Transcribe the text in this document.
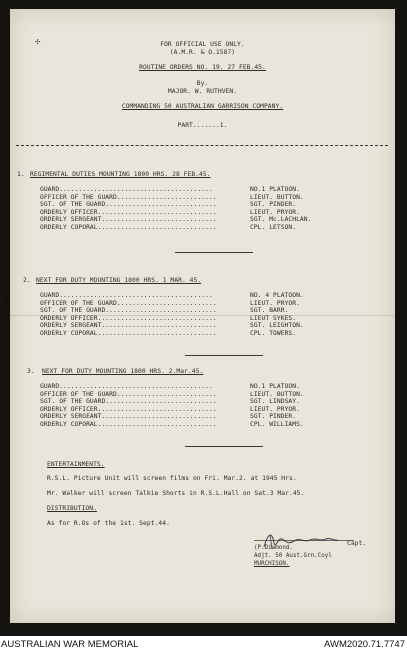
✢	FOR OFFICIAL USE ONLY.
(A.M.R. & O.1587)
ROUTINE ORDERS NO. 19. 27 FEB.45.
By.
MAJOR. W. RUTHVEN.
COMMANDING 50 AUSTRALIAN GARRISON COMPANY.
PART.......1.
1. REGIMENTAL DUTIES MOUNTING 1800 HRS. 28 FEB.45.
GUARD........................................
OFFICER OF THE GUARD..........................
SGT. OF THE GUARD.............................
ORDERLY OFFICER...............................
ORDERLY SERGEANT..............................
ORDERLY COPORAL...............................
NO.1 PLATOON.
LIEUT. BUTTON.
SGT. PINDER.
LIEUT. PRYOR.
SGT. Mc.LACHLAN.
CPL. LETSON.
2. NEXT FOR DUTY MOUNTING 1800 HRS. 1 MAR. 45.
GUARD........................................
OFFICER OF THE GUARD..........................
SGT. OF THE GUARD.............................
ORDERLY OFFICER...............................
ORDERLY SERGEANT..............................
ORDERLY COPORAL...............................
NO. 4 PLATOON.
LIEUT. PRYOR.
SGT. BARR.
LIEUT SYKES.
SGT. LEIGHTON.
CPL. TOWERS.
3. NEXT FOR DUTY MOUNTING 1800 HRS. 2.Mar.45.
GUARD........................................
OFFICER OF THE GUARD..........................
SGT. OF THE GUARD.............................
ORDERLY OFFICER...............................
ORDERLY SERGEANT..............................
ORDERLY COPORAL...............................
NO.1 PLATOON.
LIEUT. BUTTON.
SGT. LINDSAY.
LIEUT. PRYOR.
SGT. PINDER.
CPL. WILLIAMS.
ENTERTAINMENTS.
R.S.L. Picture Unit will screen films on Fri. Mar.2. at 1945 Hrs.
Mr. Walker will screen Talkie Shorts in R.S.L.Hall on Sat.3 Mar.45.
DISTRIBUTION.
As for R.Os of the 1st. Sept.44.
Capt.
(P.Diamond.
Adjt. 50 Aust.Grn.Coyl
MURCHISON.
▼
AUSTRALIAN WAR MEMORIAL	AWM2020.71.7747
